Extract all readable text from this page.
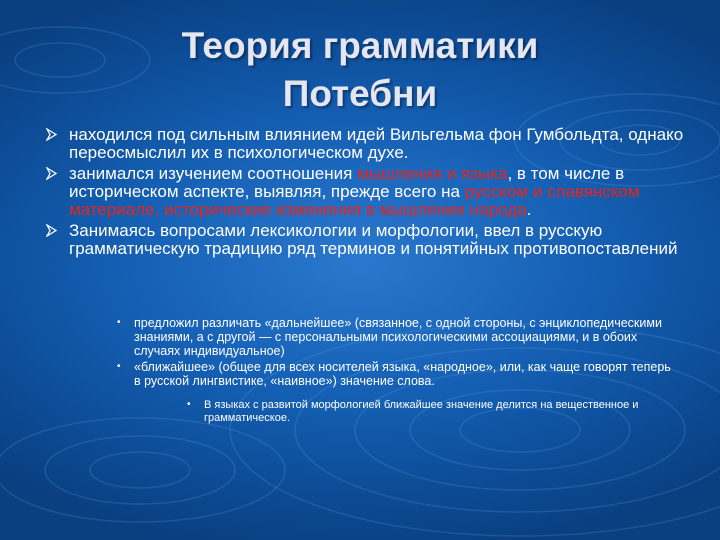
Теория грамматики
Потебни
находился под сильным влиянием идей Вильгельма фон Гумбольдта, однако переосмыслил их в психологическом духе.
занимался изучением соотношения мышления и языка, в том числе в историческом аспекте, выявляя, прежде всего на русском и славянском материале, исторические изменения в мышлении народа.
Занимаясь вопросами лексикологии и морфологии, ввел в русскую грамматическую традицию ряд терминов и понятийных противопоставлений
• предложил различать «дальнейшее» (связанное, с одной стороны, с энциклопедическими знаниями, а с другой — с персональными психологическими ассоциациями, и в обоих случаях индивидуальное)
• «ближайшее» (общее для всех носителей языка, «народное», или, как чаще говорят теперь в русской лингвистике, «наивное») значение слова.
• В языках с развитой морфологией ближайшее значение делится на вещественное и грамматическое.
